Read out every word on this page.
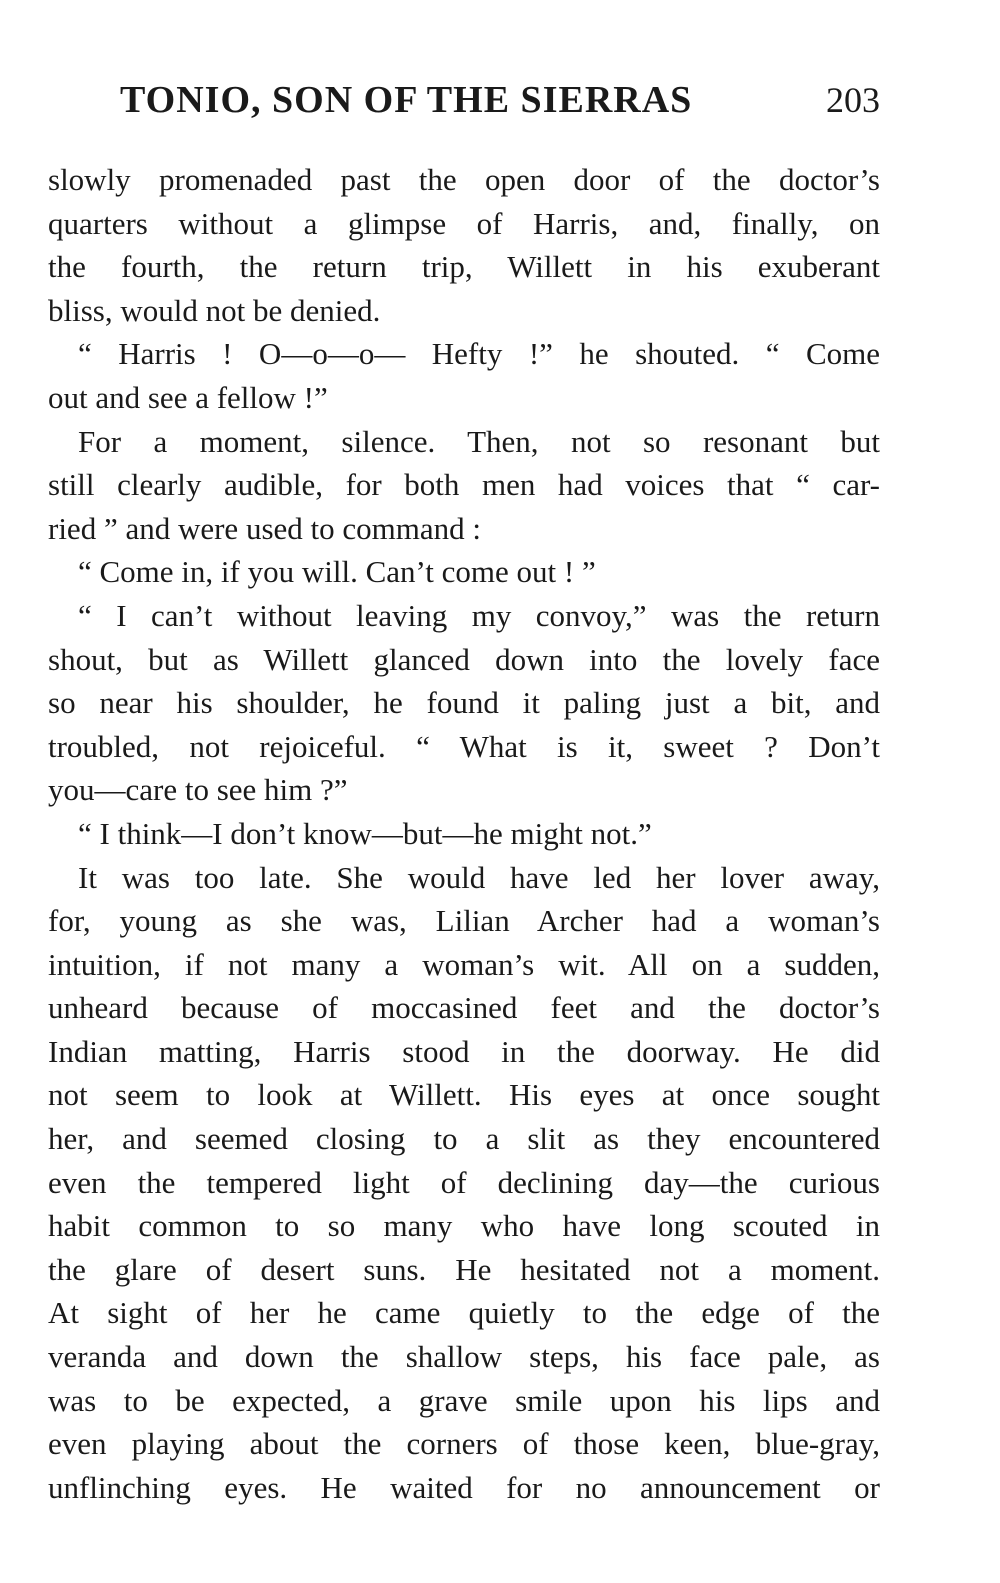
TONIO, SON OF THE SIERRAS	203
slowly promenaded past the open door of the doctor’s
quarters without a glimpse of Harris, and, finally, on
the fourth, the return trip, Willett in his exuberant
bliss, would not be denied.
“ Harris ! O—o—o— Hefty !” he shouted. “ Come
out and see a fellow !”
For a moment, silence. Then, not so resonant but
still clearly audible, for both men had voices that “ car-
ried ” and were used to command :
“ Come in, if you will. Can’t come out ! ”
“ I can’t without leaving my convoy,” was the return
shout, but as Willett glanced down into the lovely face
so near his shoulder, he found it paling just a bit, and
troubled, not rejoiceful. “ What is it, sweet ? Don’t
you—care to see him ?”
“ I think—I don’t know—but—he might not.”
It was too late. She would have led her lover away,
for, young as she was, Lilian Archer had a woman’s
intuition, if not many a woman’s wit. All on a sudden,
unheard because of moccasined feet and the doctor’s
Indian matting, Harris stood in the doorway. He did
not seem to look at Willett. His eyes at once sought
her, and seemed closing to a slit as they encountered
even the tempered light of declining day—the curious
habit common to so many who have long scouted in
the glare of desert suns. He hesitated not a moment.
At sight of her he came quietly to the edge of the
veranda and down the shallow steps, his face pale, as
was to be expected, a grave smile upon his lips and
even playing about the corners of those keen, blue-gray,
unflinching eyes. He waited for no announcement or
